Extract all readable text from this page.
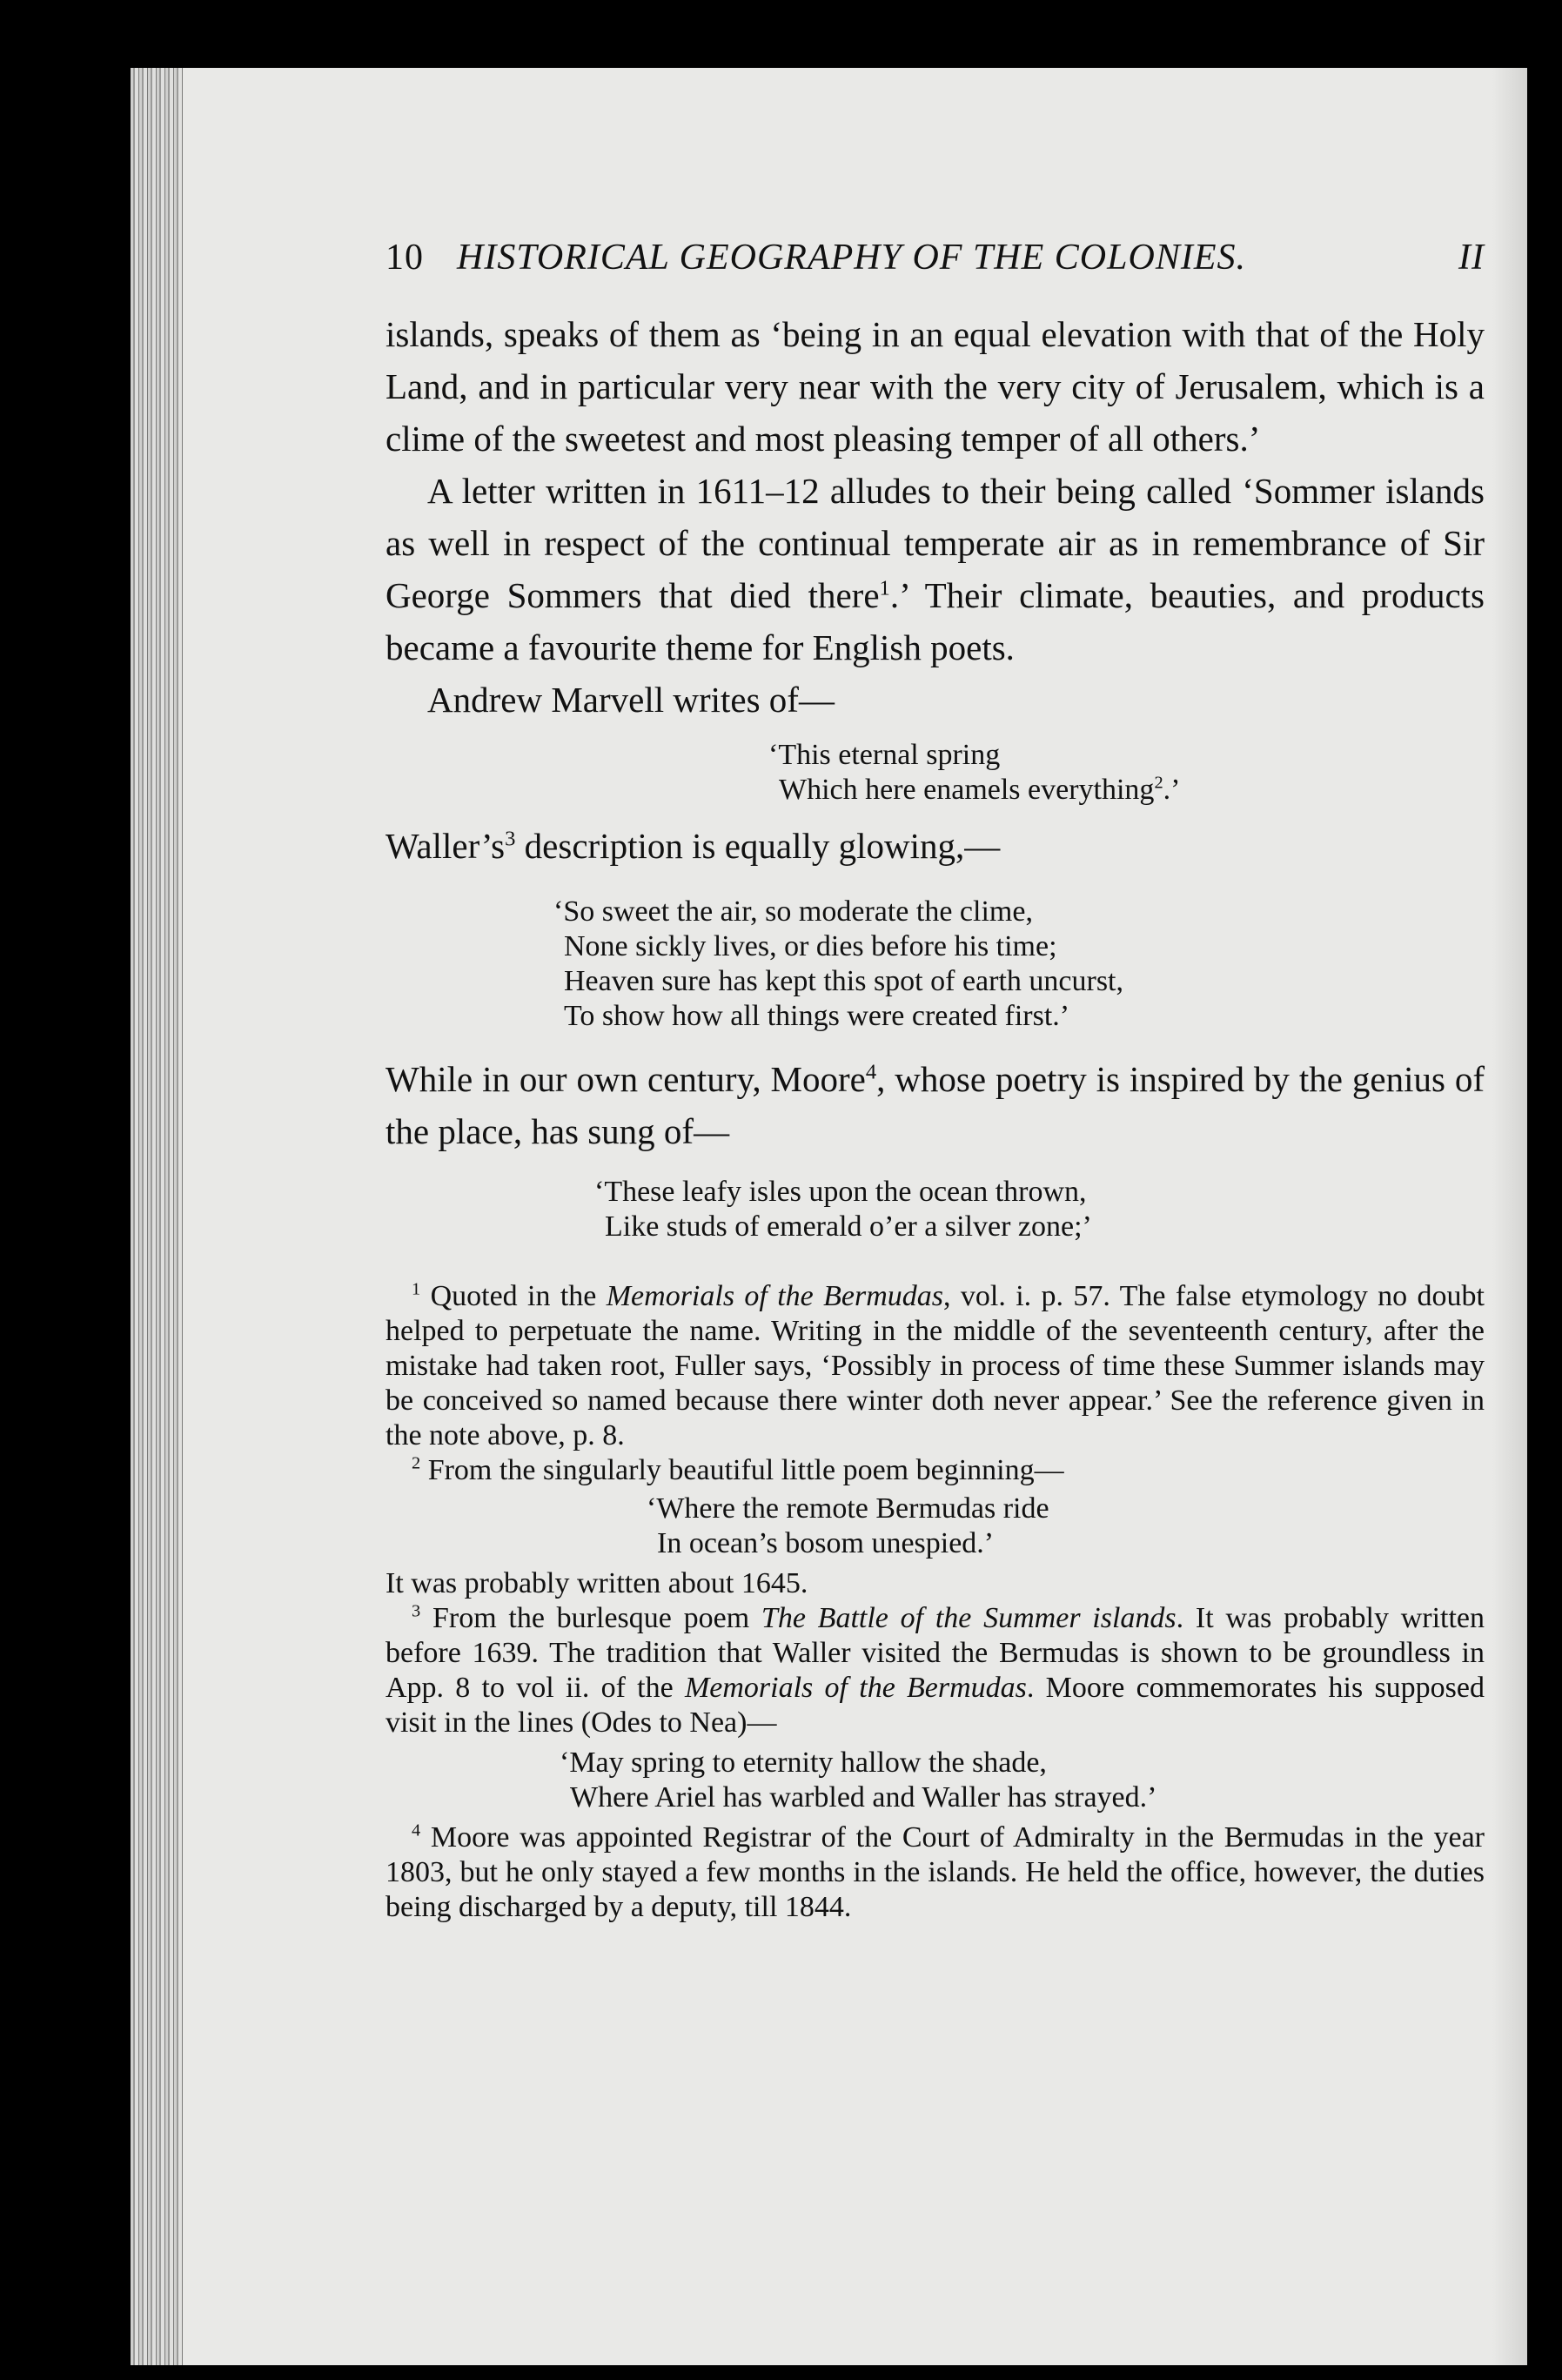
10 HISTORICAL GEOGRAPHY OF THE COLONIES.	II

islands, speaks of them as ‘being in an equal elevation with that of the Holy Land, and in particular very near with the very city of Jerusalem, which is a clime of the sweetest and most pleasing temper of all others.’

A letter written in 1611–12 alludes to their being called ‘Sommer islands as well in respect of the continual temperate air as in remembrance of Sir George Sommers that died there$^1$.’ Their climate, beauties, and products became a favourite theme for English poets.

Andrew Marvell writes of—

‘This eternal spring
Which here enamels everything$^2$.’

$Waller’s^3$ description is equally glowing,—

‘So sweet the air, so moderate the clime,
None sickly lives, or dies before his time;
Heaven sure has kept this spot of earth uncurst,
To show how all things were created first.’

While in our own century, Moore$^4$, whose poetry is inspired by the genius of the place, has sung of—

‘These leafy isles upon the ocean thrown,
Like studs of emerald o’er a silver zone;’

$^1$ Quoted in the Memorials of the Bermudas, vol. i. p. 57. The false etymology no doubt helped to perpetuate the name. Writing in the middle of the seventeenth century, after the mistake had taken root, Fuller says, ‘Possibly in process of time these Summer islands may be conceived so named because there winter doth never appear.’ See the reference given in the note above, p. 8.

$^2$ From the singularly beautiful little poem beginning—

‘Where the remote Bermudas ride
In ocean’s bosom unespied.’

It was probably written about 1645.

$^3$ From the burlesque poem The Battle of the Summer islands. It was probably written before 1639. The tradition that Waller visited the Bermudas is shown to be groundless in App. 8 to vol ii. of the Memorials of the Bermudas. Moore commemorates his supposed visit in the lines (Odes to Nea)—

‘May spring to eternity hallow the shade,
Where Ariel has warbled and Waller has strayed.’

$^4$ Moore was appointed Registrar of the Court of Admiralty in the Bermudas in the year 1803, but he only stayed a few months in the islands. He held the office, however, the duties being discharged by a deputy, till 1844.
